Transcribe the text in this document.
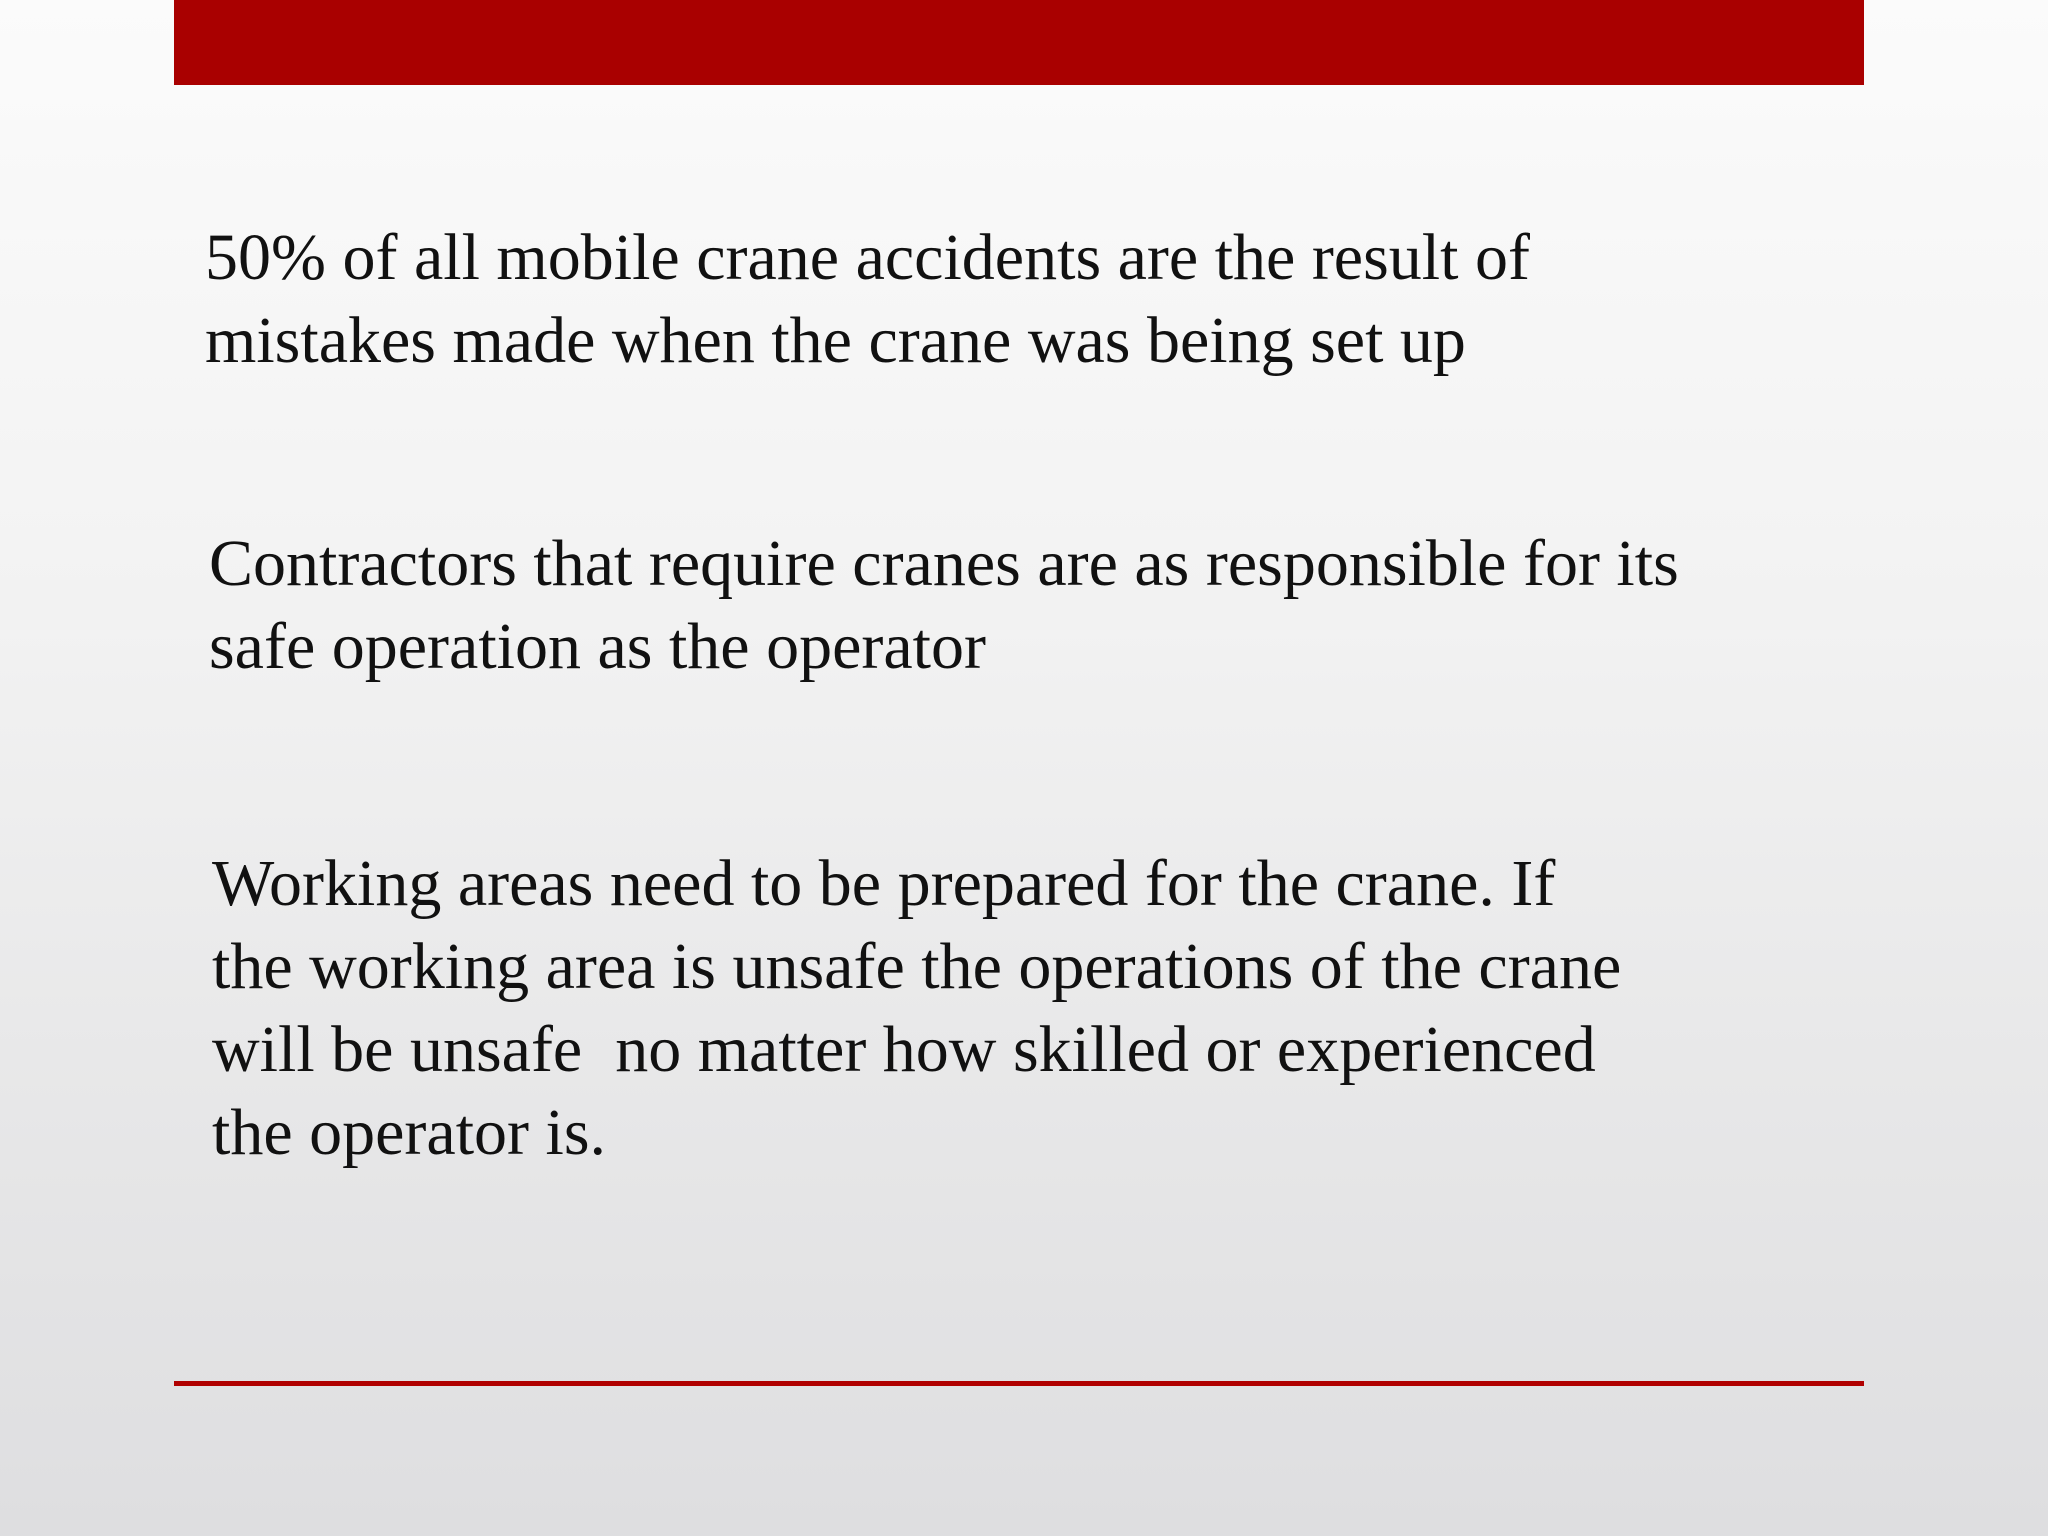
50% of all mobile crane accidents are the result of
mistakes made when the crane was being set up
Contractors that require cranes are as responsible for its
safe operation as the operator
Working areas need to be prepared for the crane. If
the working area is unsafe the operations of the crane
will be unsafe  no matter how skilled or experienced
the operator is.
